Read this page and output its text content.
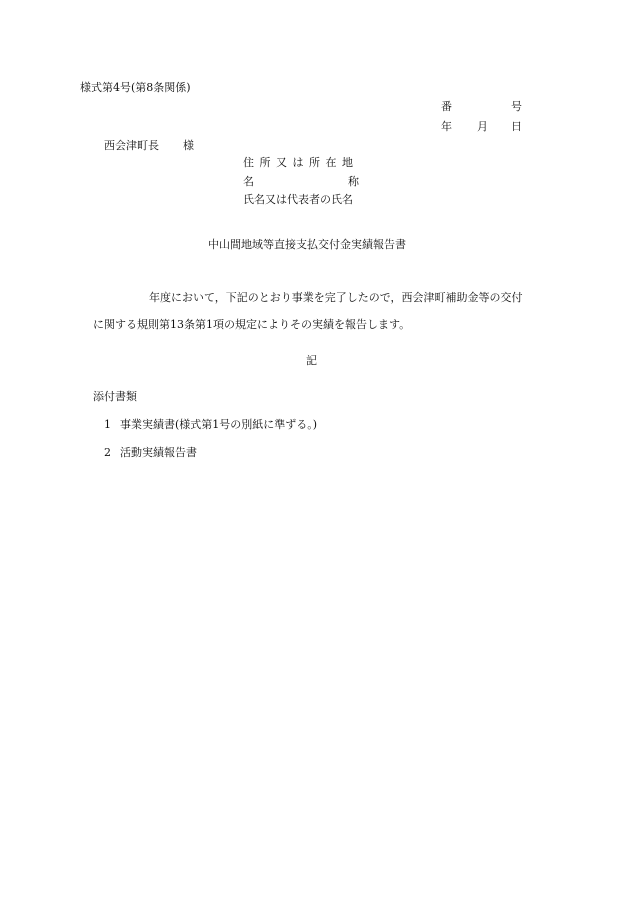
様式第4号(第8条関係)
番	号
年 月 日
西会津町長 様
住 所 又 は 所 在 地
名	称
氏名又は代表者の氏名
中山間地域等直接支払交付金実績報告書
年度において，下記のとおり事業を完了したので，西会津町補助金等の交付
に関する規則第13条第1項の規定によりその実績を報告します。
記
添付書類
1 事業実績書(様式第1号の別紙に準ずる。)
2 活動実績報告書
